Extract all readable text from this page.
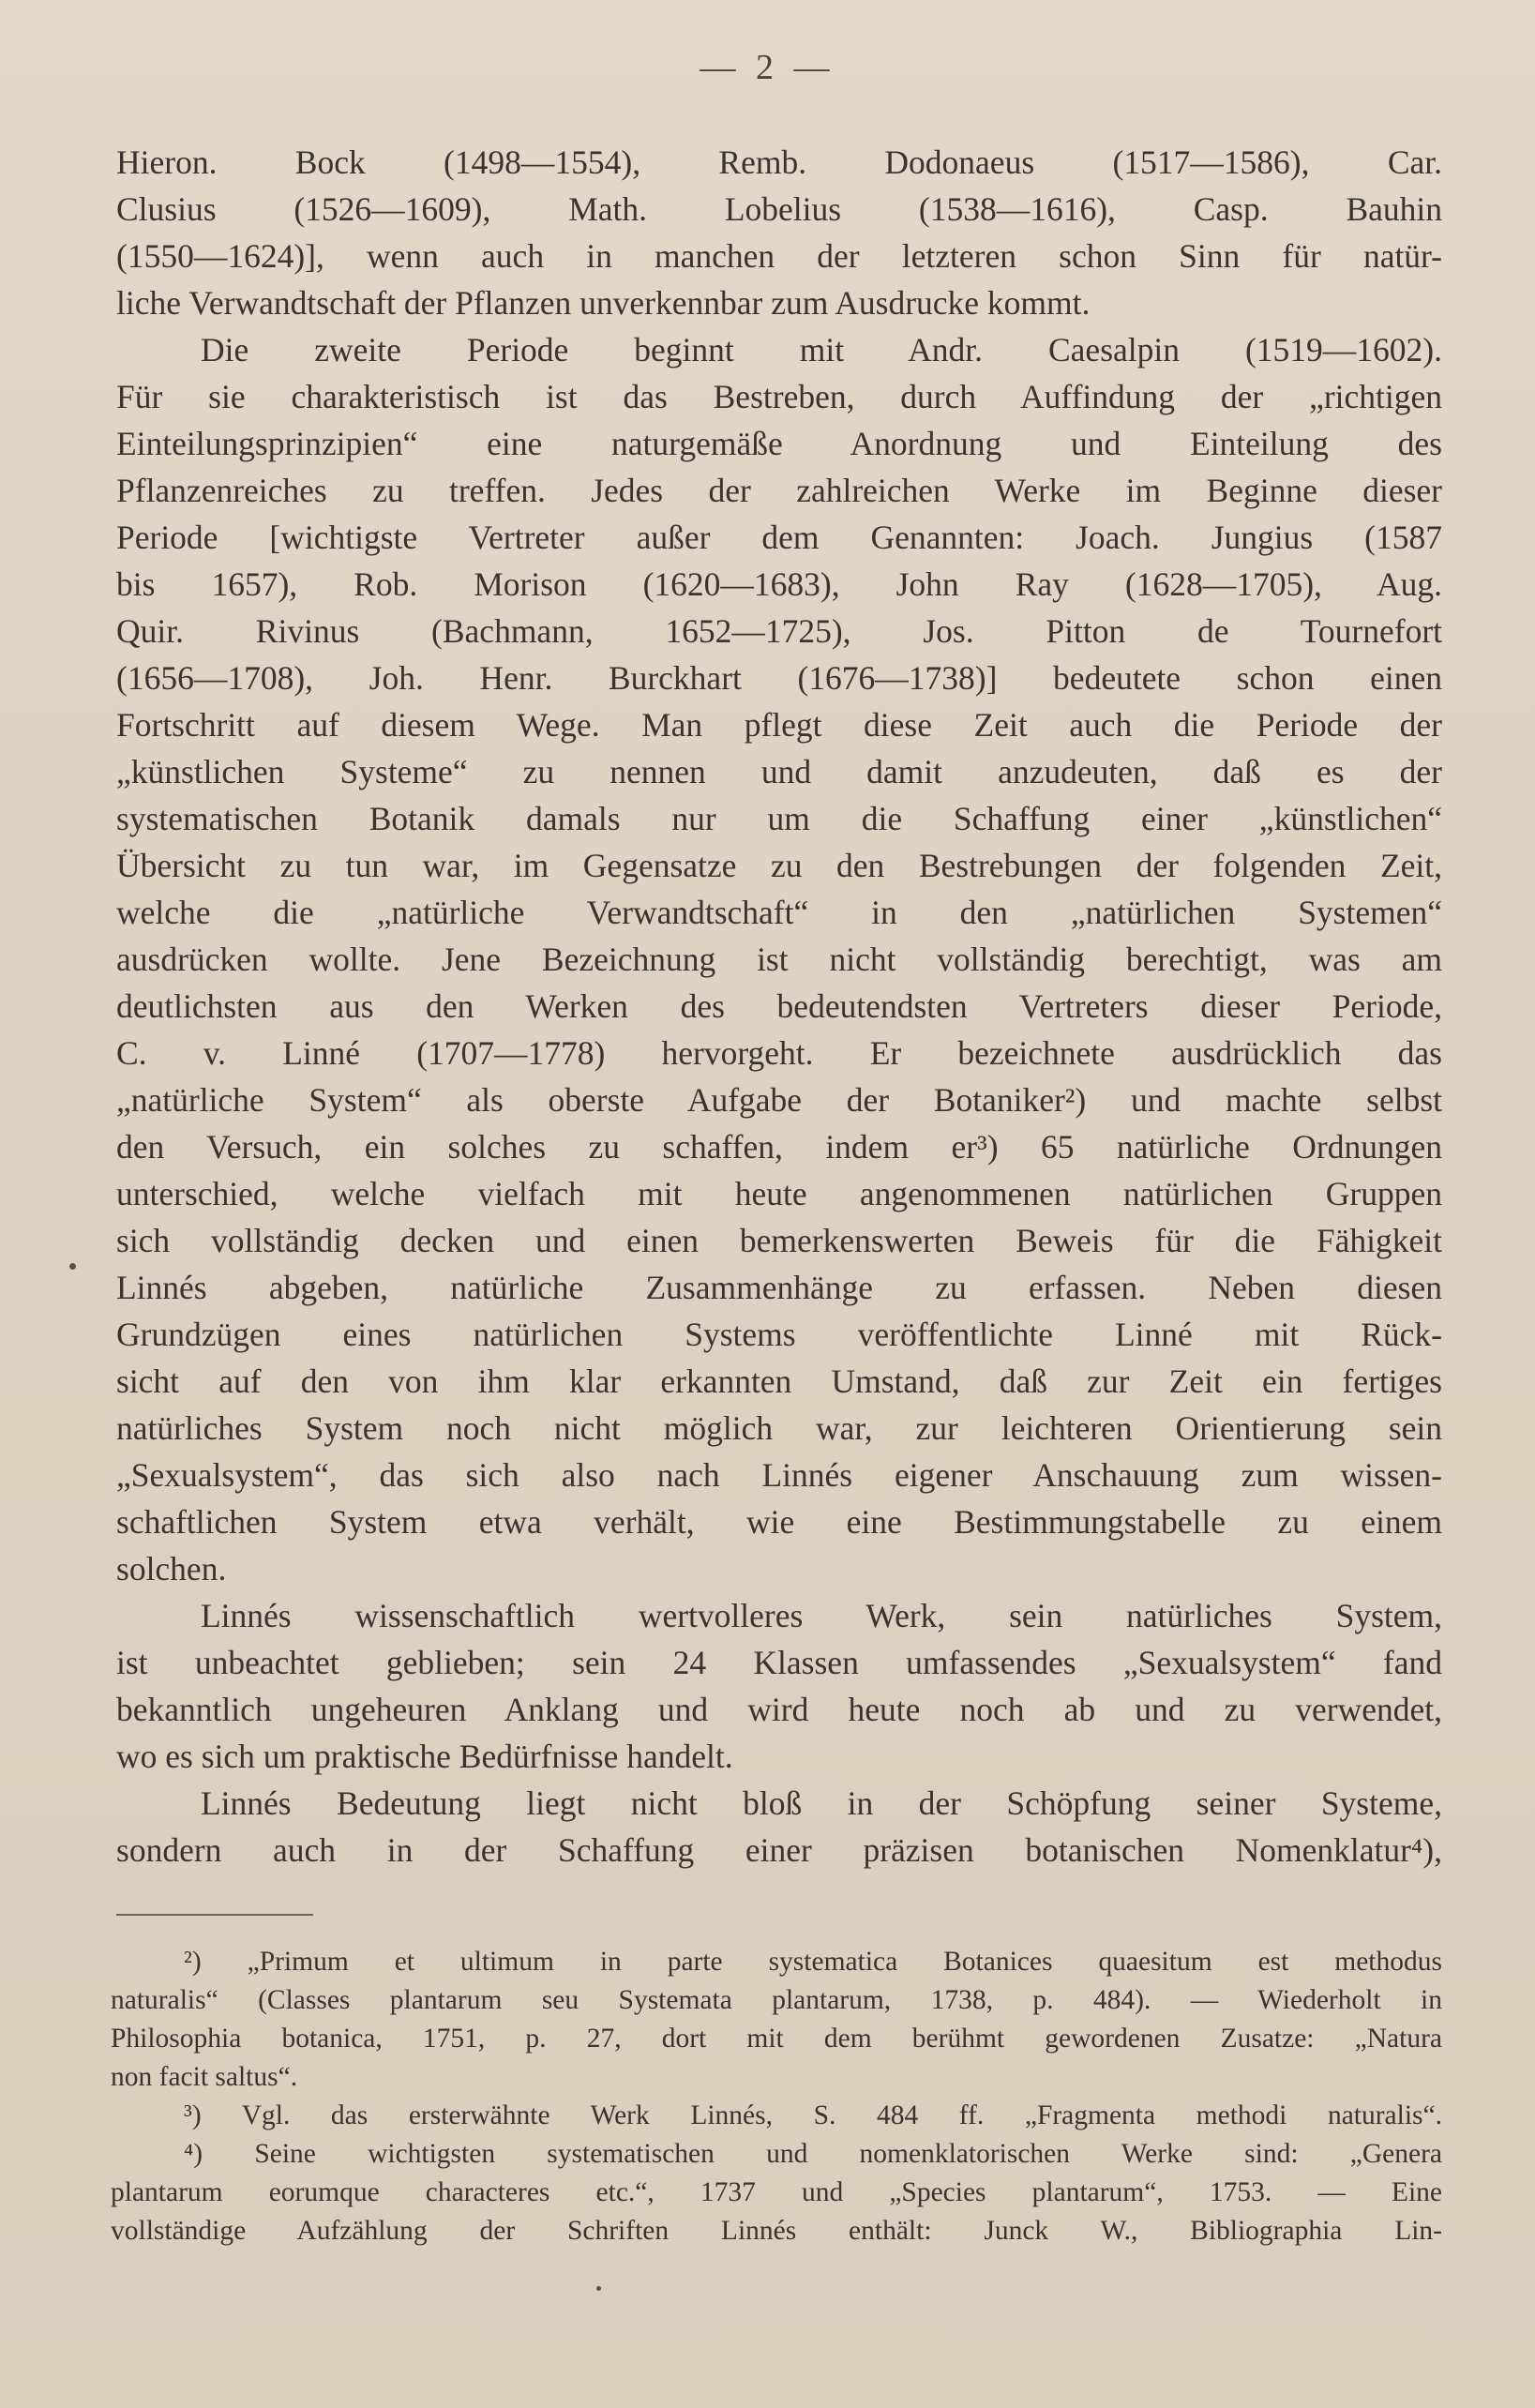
— 2 —
Hieron. Bock (1498—1554), Remb. Dodonaeus (1517—1586), Car.
Clusius (1526—1609), Math. Lobelius (1538—1616), Casp. Bauhin
(1550—1624)], wenn auch in manchen der letzteren schon Sinn für natür-
liche Verwandtschaft der Pflanzen unverkennbar zum Ausdrucke kommt.
Die zweite Periode beginnt mit Andr. Caesalpin (1519—1602).
Für sie charakteristisch ist das Bestreben, durch Auffindung der „richtigen
Einteilungsprinzipien“ eine naturgemäße Anordnung und Einteilung des
Pflanzenreiches zu treffen. Jedes der zahlreichen Werke im Beginne dieser
Periode [wichtigste Vertreter außer dem Genannten: Joach. Jungius (1587
bis 1657), Rob. Morison (1620—1683), John Ray (1628—1705), Aug.
Quir. Rivinus (Bachmann, 1652—1725), Jos. Pitton de Tournefort
(1656—1708), Joh. Henr. Burckhart (1676—1738)] bedeutete schon einen
Fortschritt auf diesem Wege. Man pflegt diese Zeit auch die Periode der
„künstlichen Systeme“ zu nennen und damit anzudeuten, daß es der
systematischen Botanik damals nur um die Schaffung einer „künstlichen“
Übersicht zu tun war, im Gegensatze zu den Bestrebungen der folgenden Zeit,
welche die „natürliche Verwandtschaft“ in den „natürlichen Systemen“
ausdrücken wollte. Jene Bezeichnung ist nicht vollständig berechtigt, was am
deutlichsten aus den Werken des bedeutendsten Vertreters dieser Periode,
C. v. Linné (1707—1778) hervorgeht. Er bezeichnete ausdrücklich das
„natürliche System“ als oberste Aufgabe der Botaniker²) und machte selbst
den Versuch, ein solches zu schaffen, indem er³) 65 natürliche Ordnungen
unterschied, welche vielfach mit heute angenommenen natürlichen Gruppen
sich vollständig decken und einen bemerkenswerten Beweis für die Fähigkeit
Linnés abgeben, natürliche Zusammenhänge zu erfassen. Neben diesen
Grundzügen eines natürlichen Systems veröffentlichte Linné mit Rück-
sicht auf den von ihm klar erkannten Umstand, daß zur Zeit ein fertiges
natürliches System noch nicht möglich war, zur leichteren Orientierung sein
„Sexualsystem“, das sich also nach Linnés eigener Anschauung zum wissen-
schaftlichen System etwa verhält, wie eine Bestimmungstabelle zu einem
solchen.
Linnés wissenschaftlich wertvolleres Werk, sein natürliches System,
ist unbeachtet geblieben; sein 24 Klassen umfassendes „Sexualsystem“ fand
bekanntlich ungeheuren Anklang und wird heute noch ab und zu verwendet,
wo es sich um praktische Bedürfnisse handelt.
Linnés Bedeutung liegt nicht bloß in der Schöpfung seiner Systeme,
sondern auch in der Schaffung einer präzisen botanischen Nomenklatur⁴),
²) „Primum et ultimum in parte systematica Botanices quaesitum est methodus
naturalis“ (Classes plantarum seu Systemata plantarum, 1738, p. 484). — Wiederholt in
Philosophia botanica, 1751, p. 27, dort mit dem berühmt gewordenen Zusatze: „Natura
non facit saltus“.
³) Vgl. das ersterwähnte Werk Linnés, S. 484 ff. „Fragmenta methodi naturalis“.
⁴) Seine wichtigsten systematischen und nomenklatorischen Werke sind: „Genera
plantarum eorumque characteres etc.“, 1737 und „Species plantarum“, 1753. — Eine
vollständige Aufzählung der Schriften Linnés enthält: Junck W., Bibliographia Lin-
